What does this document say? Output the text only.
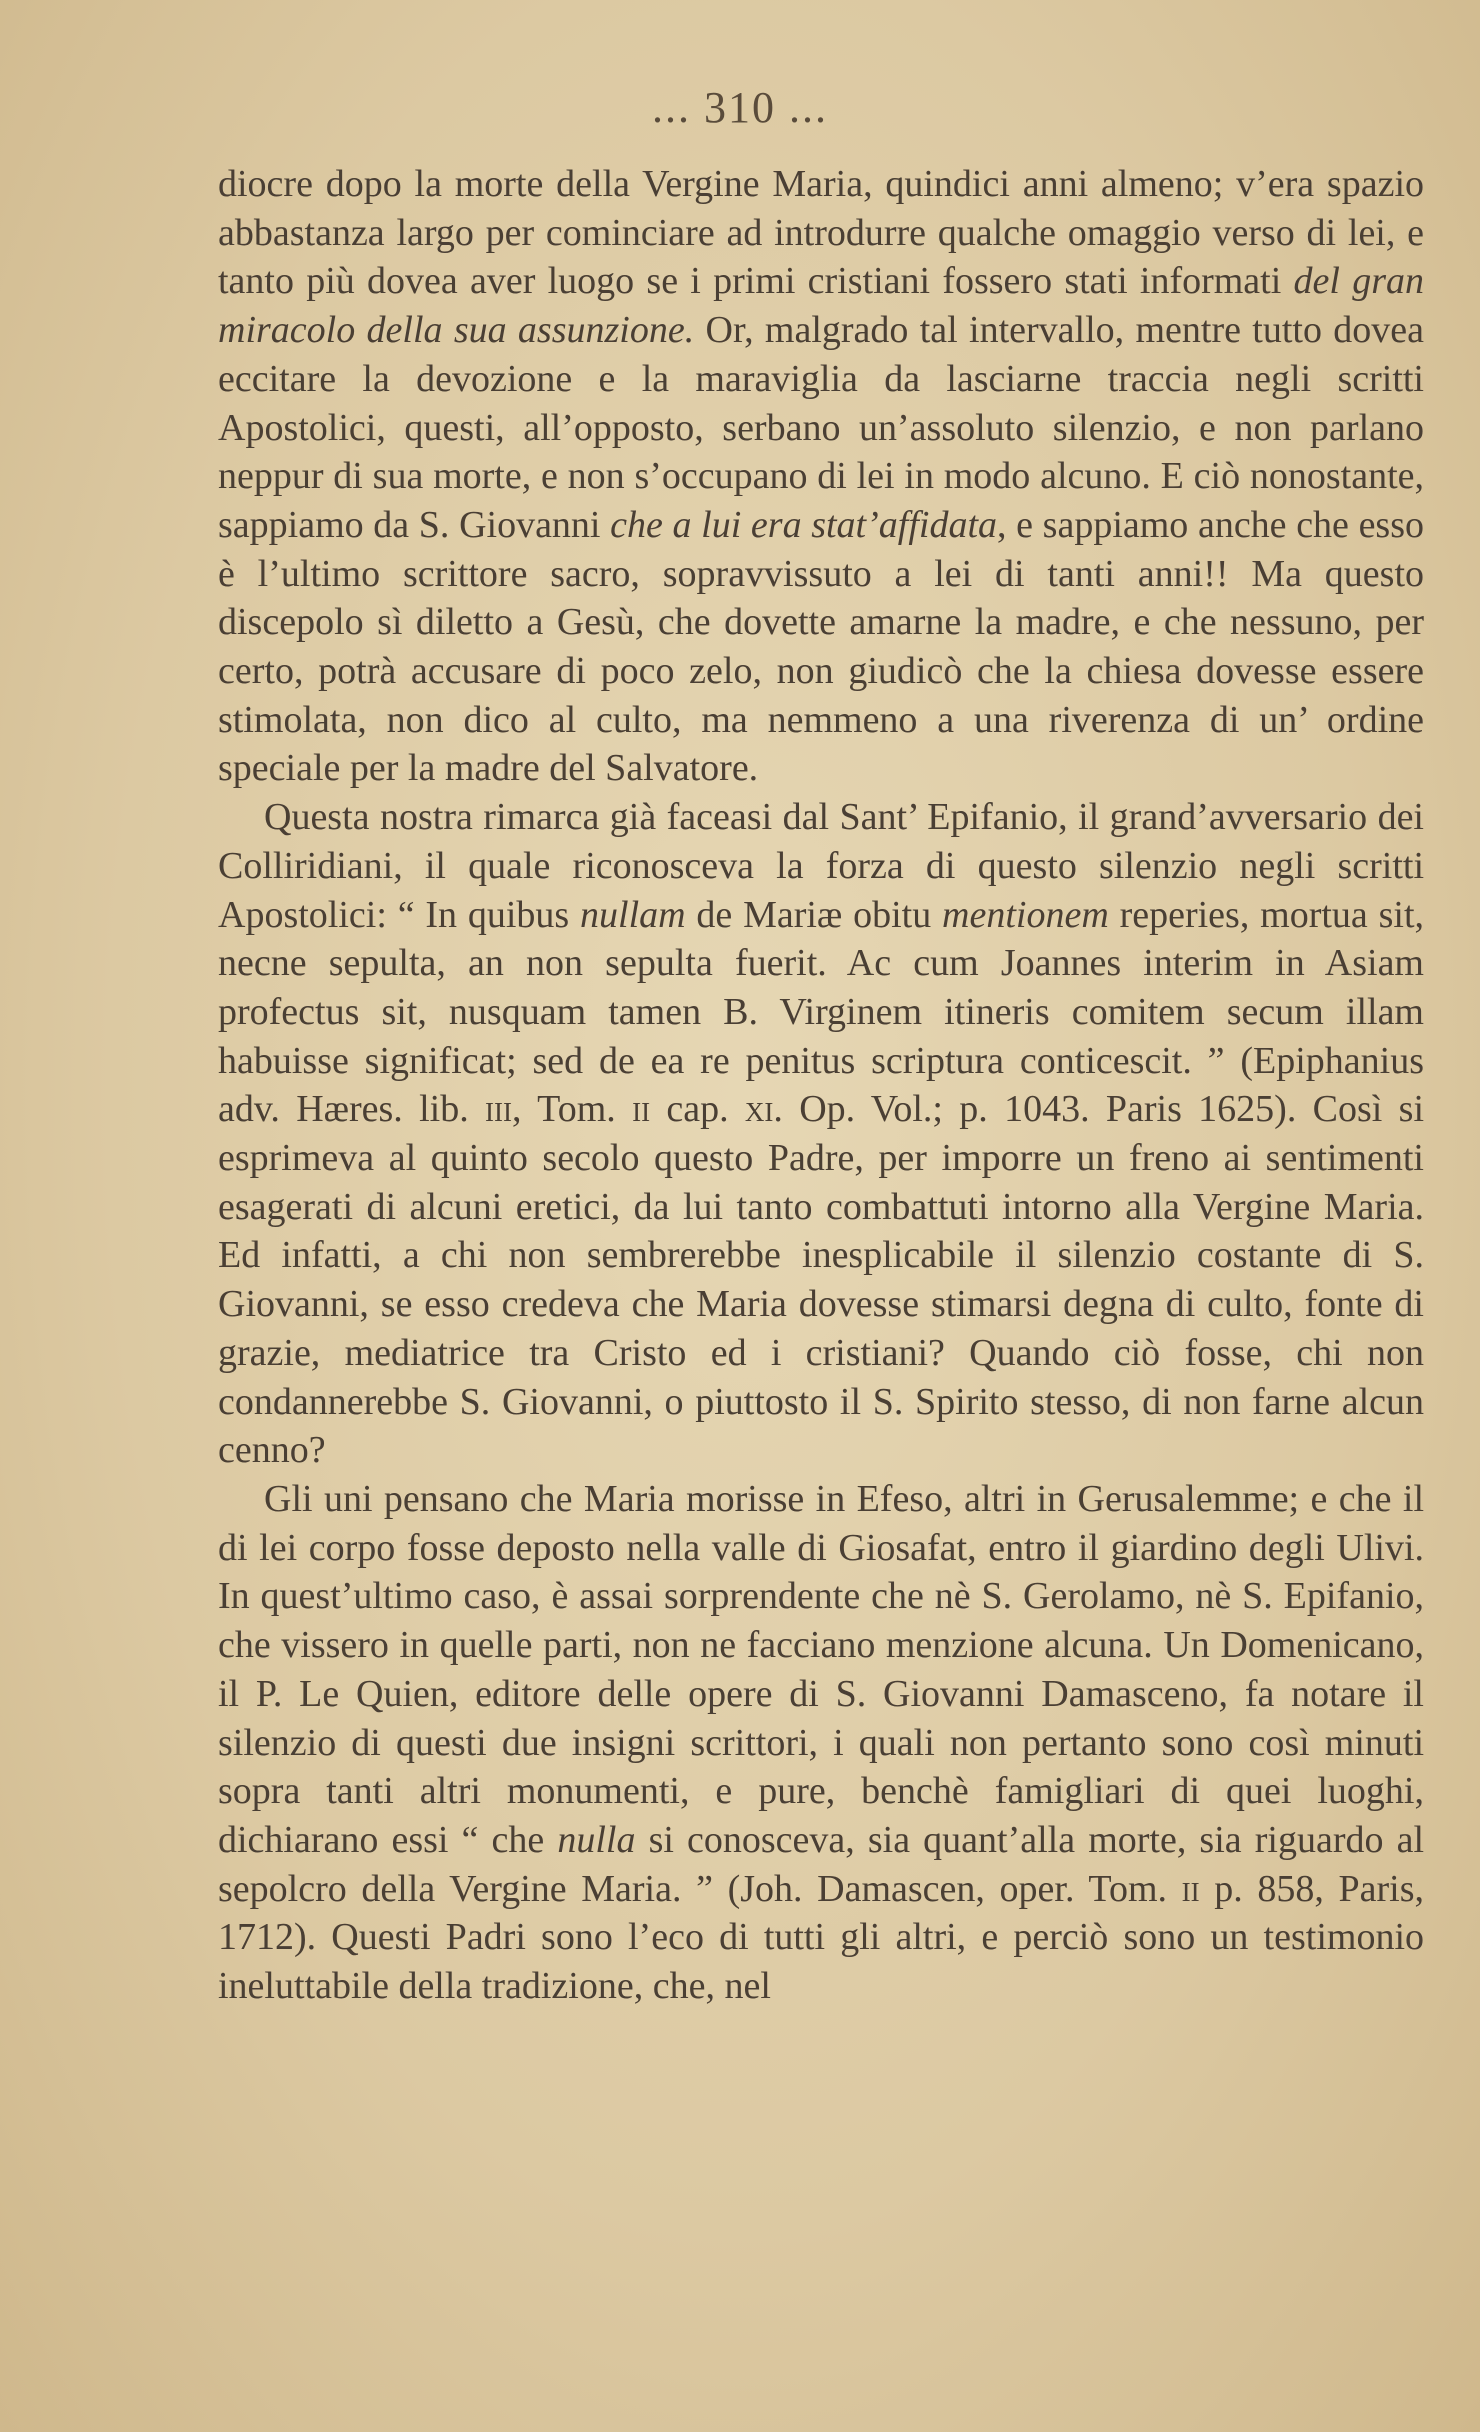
... 310 ...

diocre dopo la morte della Vergine Maria, quindici anni almeno; v’era spazio abbastanza largo per cominciare ad introdurre qualche omaggio verso di lei, e tanto più dovea aver luogo se i primi cristiani fossero stati informati del gran miracolo della sua assunzione. Or, malgrado tal intervallo, mentre tutto dovea eccitare la devozione e la maraviglia da lasciarne traccia negli scritti Apostolici, questi, all’opposto, serbano un’assoluto silenzio, e non parlano neppur di sua morte, e non s’occupano di lei in modo alcuno. E ciò nonostante, sappiamo da S. Giovanni che a lui era stat’affidata, e sappiamo anche che esso è l’ultimo scrittore sacro, sopravvissuto a lei di tanti anni!! Ma questo discepolo sì diletto a Gesù, che dovette amarne la madre, e che nessuno, per certo, potrà accusare di poco zelo, non giudicò che la chiesa dovesse essere stimolata, non dico al culto, ma nemmeno a una riverenza di un’ ordine speciale per la madre del Salvatore.

Questa nostra rimarca già faceasi dal Sant’ Epifanio, il grand’avversario dei Colliridiani, il quale riconosceva la forza di questo silenzio negli scritti Apostolici: “ In quibus nullam de Mariæ obitu mentionem reperies, mortua sit, necne sepulta, an non sepulta fuerit. Ac cum Joannes interim in Asiam profectus sit, nusquam tamen B. Virginem itineris comitem secum illam habuisse significat; sed de ea re penitus scriptura conticescit. ” (Epiphanius adv. Hæres. lib. iii, Tom. ii cap. xi. Op. Vol.; p. 1043. Paris 1625). Così si esprimeva al quinto secolo questo Padre, per imporre un freno ai sentimenti esagerati di alcuni eretici, da lui tanto combattuti intorno alla Vergine Maria. Ed infatti, a chi non sembrerebbe inesplicabile il silenzio costante di S. Giovanni, se esso credeva che Maria dovesse stimarsi degna di culto, fonte di grazie, mediatrice tra Cristo ed i cristiani? Quando ciò fosse, chi non condannerebbe S. Giovanni, o piuttosto il S. Spirito stesso, di non farne alcun cenno?

Gli uni pensano che Maria morisse in Efeso, altri in Gerusalemme; e che il di lei corpo fosse deposto nella valle di Giosafat, entro il giardino degli Ulivi. In quest’ultimo caso, è assai sorprendente che nè S. Gerolamo, nè S. Epifanio, che vissero in quelle parti, non ne facciano menzione alcuna. Un Domenicano, il P. Le Quien, editore delle opere di S. Giovanni Damasceno, fa notare il silenzio di questi due insigni scrittori, i quali non pertanto sono così minuti sopra tanti altri monumenti, e pure, benchè famigliari di quei luoghi, dichiarano essi “ che nulla si conosceva, sia quant’alla morte, sia riguardo al sepolcro della Vergine Maria. ” (Joh. Damascen, oper. Tom. ii p. 858, Paris, 1712). Questi Padri sono l’eco di tutti gli altri, e perciò sono un testimonio ineluttabile della tradizione, che, nel
